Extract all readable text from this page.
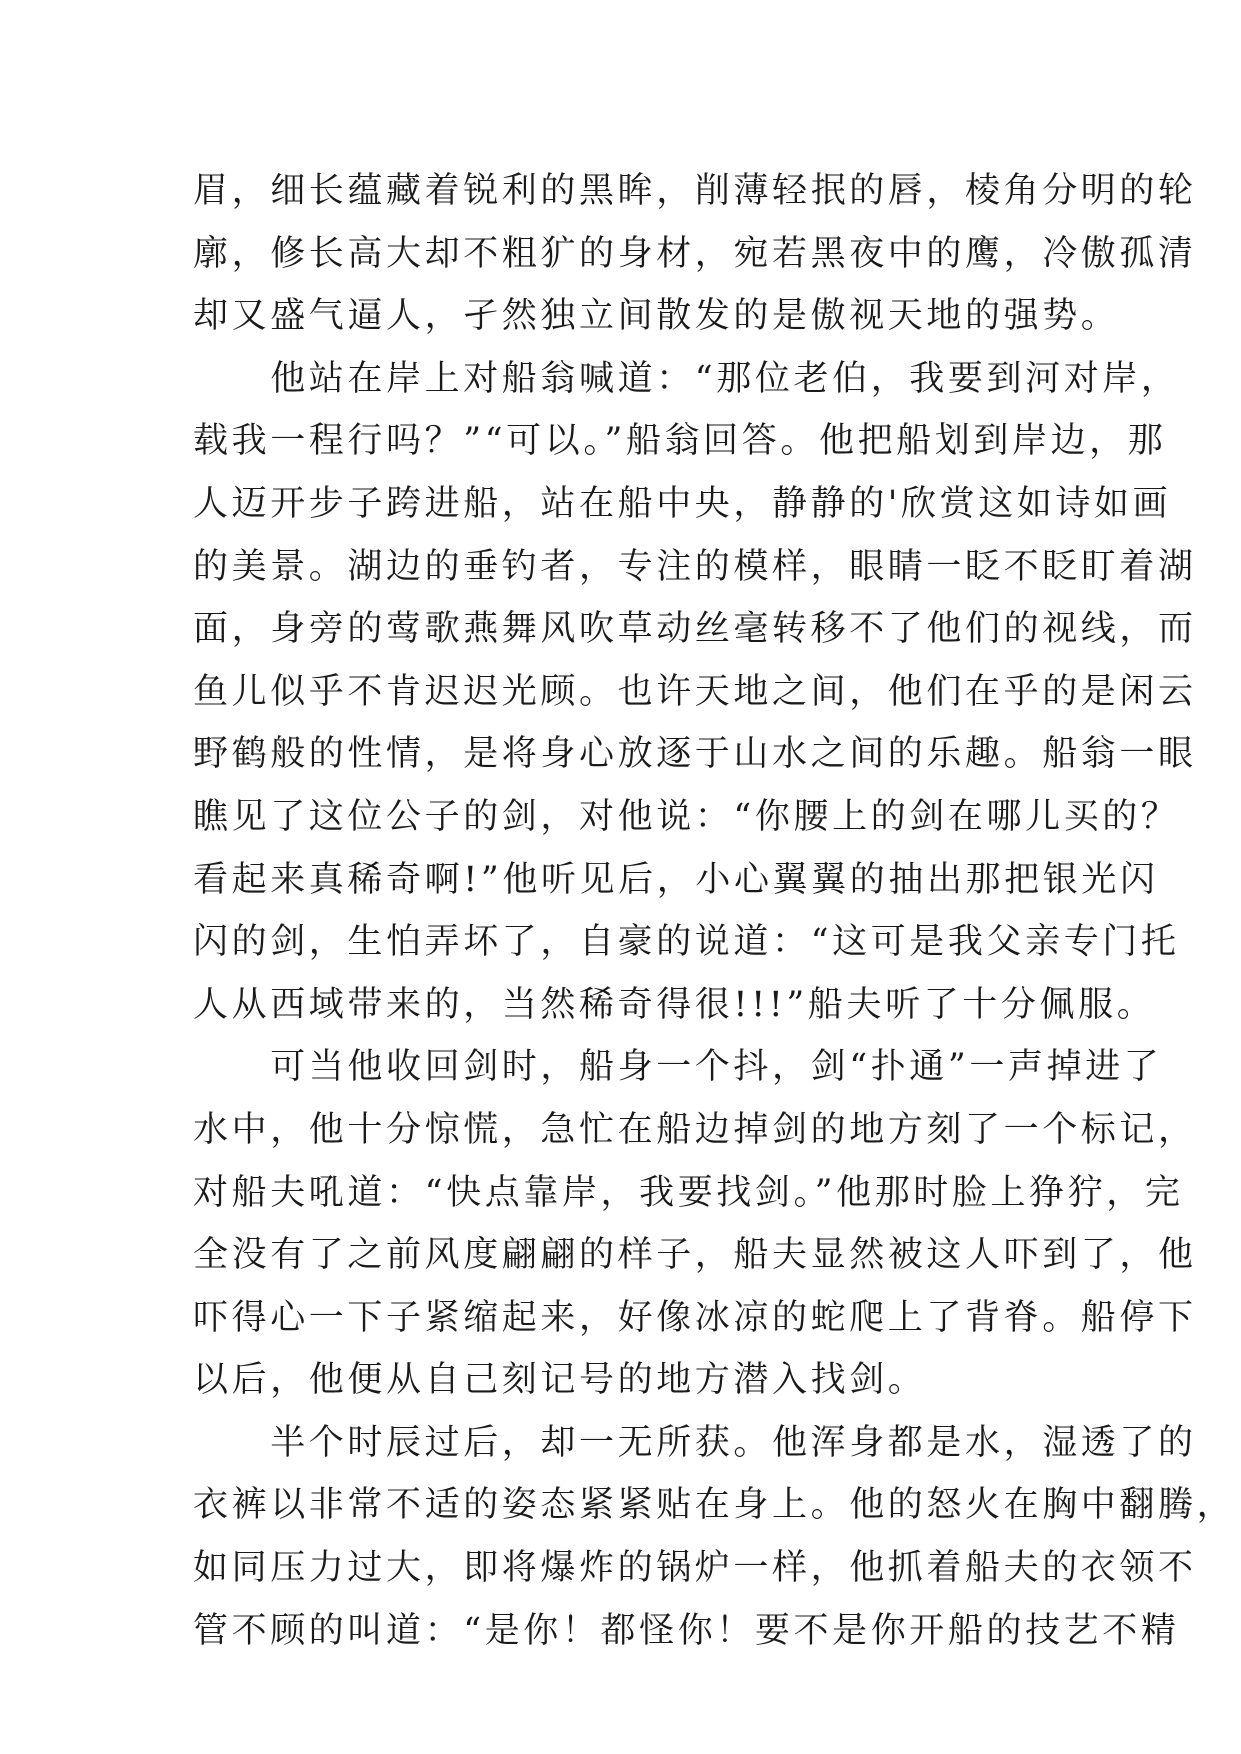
眉，细长蕴藏着锐利的黑眸，削薄轻抿的唇，棱角分明的轮
廓，修长高大却不粗犷的身材，宛若黑夜中的鹰，冷傲孤清
却又盛气逼人，孑然独立间散发的是傲视天地的强势。
　　他站在岸上对船翁喊道：“那位老伯，我要到河对岸，
载我一程行吗？”“可以。”船翁回答。他把船划到岸边，那
人迈开步子跨进船，站在船中央，静静的'欣赏这如诗如画
的美景。湖边的垂钓者，专注的模样，眼睛一眨不眨盯着湖
面，身旁的莺歌燕舞风吹草动丝毫转移不了他们的视线，而
鱼儿似乎不肯迟迟光顾。也许天地之间，他们在乎的是闲云
野鹤般的性情，是将身心放逐于山水之间的乐趣。船翁一眼
瞧见了这位公子的剑，对他说：“你腰上的剑在哪儿买的？
看起来真稀奇啊!”他听见后，小心翼翼的抽出那把银光闪
闪的剑，生怕弄坏了，自豪的说道：“这可是我父亲专门托
人从西域带来的，当然稀奇得很!!!”船夫听了十分佩服。
　　可当他收回剑时，船身一个抖，剑“扑通”一声掉进了
水中，他十分惊慌，急忙在船边掉剑的地方刻了一个标记，
对船夫吼道：“快点靠岸，我要找剑。”他那时脸上狰狞，完
全没有了之前风度翩翩的样子，船夫显然被这人吓到了，他
吓得心一下子紧缩起来，好像冰凉的蛇爬上了背脊。船停下
以后，他便从自己刻记号的地方潜入找剑。
　　半个时辰过后，却一无所获。他浑身都是水，湿透了的
衣裤以非常不适的姿态紧紧贴在身上。他的怒火在胸中翻腾，
如同压力过大，即将爆炸的锅炉一样，他抓着船夫的衣领不
管不顾的叫道：“是你！都怪你！要不是你开船的技艺不精
